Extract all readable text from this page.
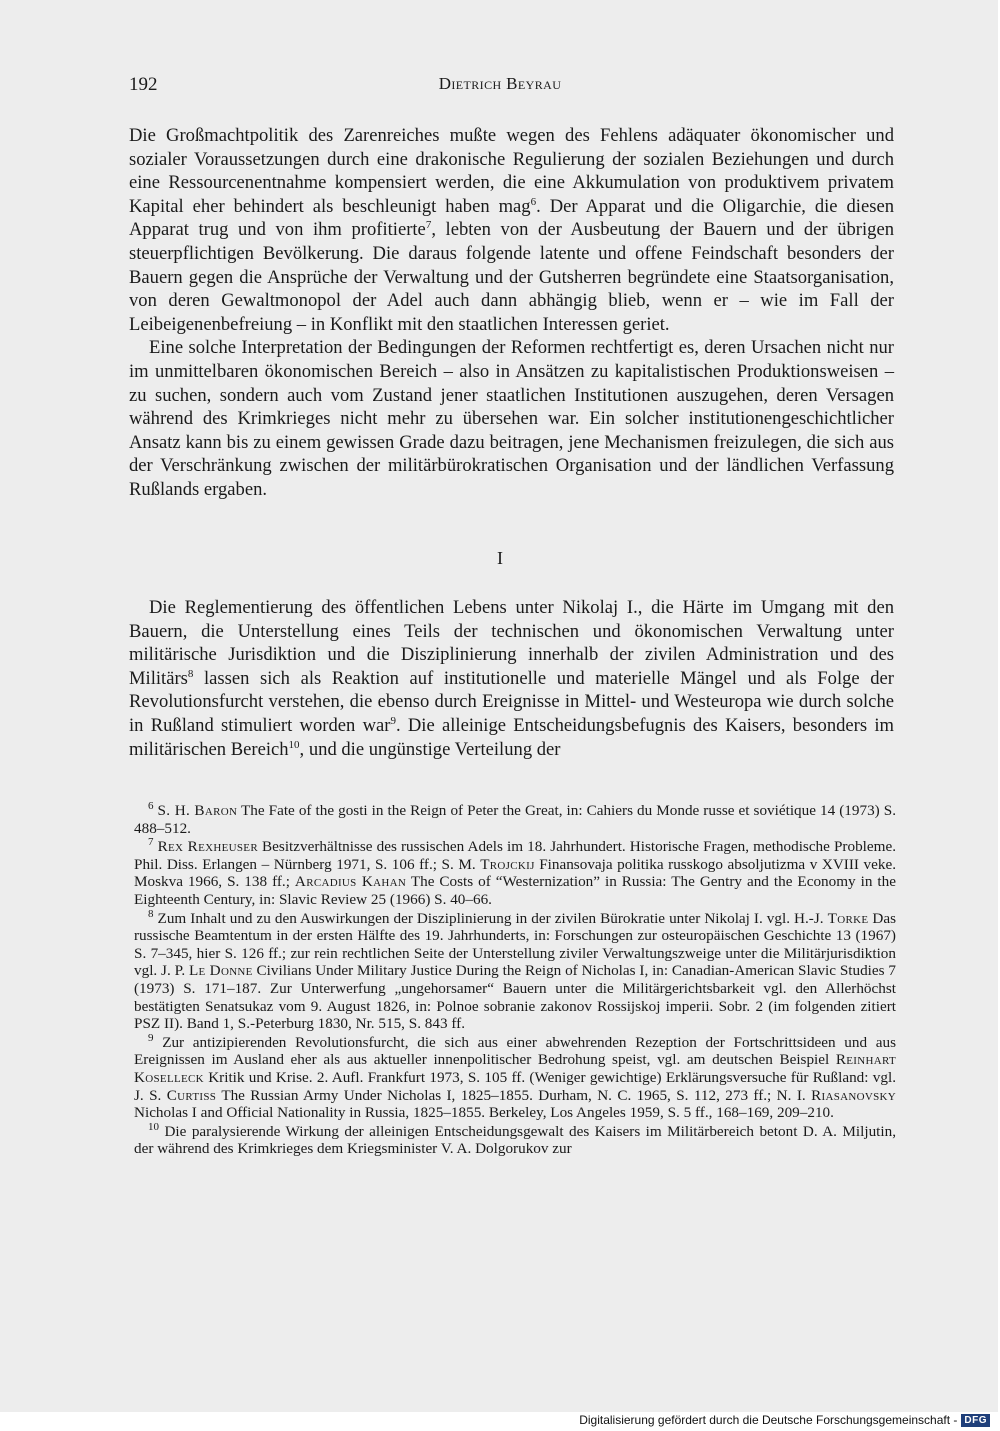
192	Dietrich Beyrau

Die Großmachtpolitik des Zarenreiches mußte wegen des Fehlens adäquater ökonomischer und sozialer Voraussetzungen durch eine drakonische Regulierung der sozialen Beziehungen und durch eine Ressourcenentnahme kompensiert werden, die eine Akkumulation von produktivem privatem Kapital eher behindert als beschleunigt haben mag$^6$. Der Apparat und die Oligarchie, die diesen Apparat trug und von ihm profitierte$^7$, lebten von der Ausbeutung der Bauern und der übrigen steuerpflichtigen Bevölkerung. Die daraus folgende latente und offene Feindschaft besonders der Bauern gegen die Ansprüche der Verwaltung und der Gutsherren begründete eine Staatsorganisation, von deren Gewaltmonopol der Adel auch dann abhängig blieb, wenn er – wie im Fall der Leibeigenenbefreiung – in Konflikt mit den staatlichen Interessen geriet.

Eine solche Interpretation der Bedingungen der Reformen rechtfertigt es, deren Ursachen nicht nur im unmittelbaren ökonomischen Bereich – also in Ansätzen zu kapitalistischen Produktionsweisen – zu suchen, sondern auch vom Zustand jener staatlichen Institutionen auszugehen, deren Versagen während des Krimkrieges nicht mehr zu übersehen war. Ein solcher institutionengeschichtlicher Ansatz kann bis zu einem gewissen Grade dazu beitragen, jene Mechanismen freizulegen, die sich aus der Verschränkung zwischen der militärbürokratischen Organisation und der ländlichen Verfassung Rußlands ergaben.

I

Die Reglementierung des öffentlichen Lebens unter Nikolaj I., die Härte im Umgang mit den Bauern, die Unterstellung eines Teils der technischen und ökonomischen Verwaltung unter militärische Jurisdiktion und die Disziplinierung innerhalb der zivilen Administration und des Militärs$^8$ lassen sich als Reaktion auf institutionelle und materielle Mängel und als Folge der Revolutionsfurcht verstehen, die ebenso durch Ereignisse in Mittel- und Westeuropa wie durch solche in Rußland stimuliert worden war$^9$. Die alleinige Entscheidungsbefugnis des Kaisers, besonders im militärischen Bereich$^{10}$, und die ungünstige Verteilung der

$^6$ S. H. Baron The Fate of the gosti in the Reign of Peter the Great, in: Cahiers du Monde russe et soviétique 14 (1973) S. 488–512.

$^7$ Rex Rexheuser Besitzverhältnisse des russischen Adels im 18. Jahrhundert. Historische Fragen, methodische Probleme. Phil. Diss. Erlangen – Nürnberg 1971, S. 106 ff.; S. M. Trojckij Finansovaja politika russkogo absoljutizma v XVIII veke. Moskva 1966, S. 138 ff.; Arcadius Kahan The Costs of “Westernization” in Russia: The Gentry and the Economy in the Eighteenth Century, in: Slavic Review 25 (1966) S. 40–66.

$^8$ Zum Inhalt und zu den Auswirkungen der Disziplinierung in der zivilen Bürokratie unter Nikolaj I. vgl. H.-J. Torke Das russische Beamtentum in der ersten Hälfte des 19. Jahrhunderts, in: Forschungen zur osteuropäischen Geschichte 13 (1967) S. 7–345, hier S. 126 ff.; zur rein rechtlichen Seite der Unterstellung ziviler Verwaltungszweige unter die Militärjurisdiktion vgl. J. P. Le Donne Civilians Under Military Justice During the Reign of Nicholas I, in: Canadian-American Slavic Studies 7 (1973) S. 171–187. Zur Unterwerfung „ungehorsamer“ Bauern unter die Militärgerichtsbarkeit vgl. den Allerhöchst bestätigten Senatsukaz vom 9. August 1826, in: Polnoe sobranie zakonov Rossijskoj imperii. Sobr. 2 (im folgenden zitiert PSZ II). Band 1, S.-Peterburg 1830, Nr. 515, S. 843 ff.

$^9$ Zur antizipierenden Revolutionsfurcht, die sich aus einer abwehrenden Rezeption der Fortschrittsideen und aus Ereignissen im Ausland eher als aus aktueller innenpolitischer Bedrohung speist, vgl. am deutschen Beispiel Reinhart Koselleck Kritik und Krise. 2. Aufl. Frankfurt 1973, S. 105 ff. (Weniger gewichtige) Erklärungsversuche für Rußland: vgl. J. S. Curtiss The Russian Army Under Nicholas I, 1825–1855. Durham, N. C. 1965, S. 112, 273 ff.; N. I. Riasanovsky Nicholas I and Official Nationality in Russia, 1825–1855. Berkeley, Los Angeles 1959, S. 5 ff., 168–169, 209–210.

$^{10}$ Die paralysierende Wirkung der alleinigen Entscheidungsgewalt des Kaisers im Militärbereich betont D. A. Miljutin, der während des Krimkrieges dem Kriegsminister V. A. Dolgorukov zur

Digitalisierung gefördert durch die Deutsche Forschungsgemeinschaft - DFG
